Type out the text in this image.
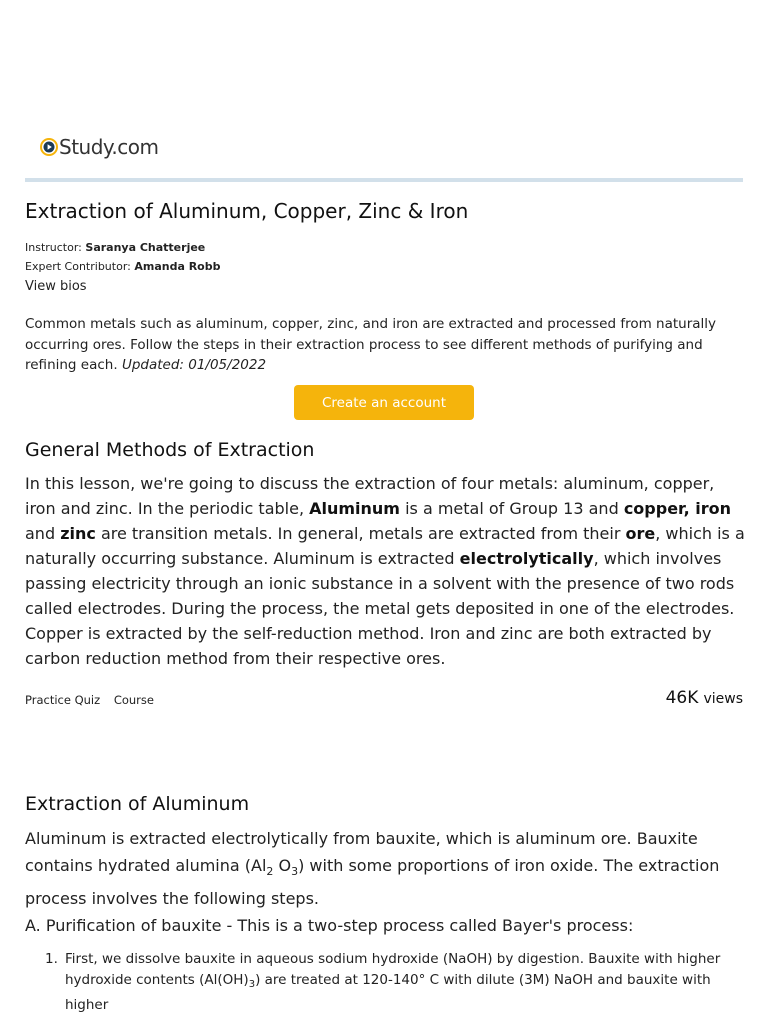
Study.com
Extraction of Aluminum, Copper, Zinc & Iron
Instructor: Saranya Chatterjee
Expert Contributor: Amanda Robb
View bios

Common metals such as aluminum, copper, zinc, and iron are extracted and processed from naturally occurring ores. Follow the steps in their extraction process to see different methods of purifying and refining each. Updated: 01/05/2022

Create an account
General Methods of Extraction

In this lesson, we're going to discuss the extraction of four metals: aluminum, copper, iron and zinc. In the periodic table, Aluminum is a metal of Group 13 and copper, iron and zinc are transition metals. In general, metals are extracted from their ore, which is a naturally occurring substance. Aluminum is extracted electrolytically, which involves passing electricity through an ionic substance in a solvent with the presence of two rods called electrodes. During the process, the metal gets deposited in one of the electrodes. Copper is extracted by the self-reduction method. Iron and zinc are both extracted by carbon reduction method from their respective ores.

Practice Quiz Course	46K views
Extraction of Aluminum

Aluminum is extracted electrolytically from bauxite, which is aluminum ore. Bauxite contains hydrated alumina ($Al_2$ $O_3$) with some proportions of iron oxide. The extraction process involves the following steps.

A. Purification of bauxite - This is a two-step process called Bayer's process:
1. First, we dissolve bauxite in aqueous sodium hydroxide (NaOH) by digestion. Bauxite with higher hydroxide contents $(Al(OH)_3)$ are treated at 120-140° C with dilute (3M) NaOH and bauxite with higher
